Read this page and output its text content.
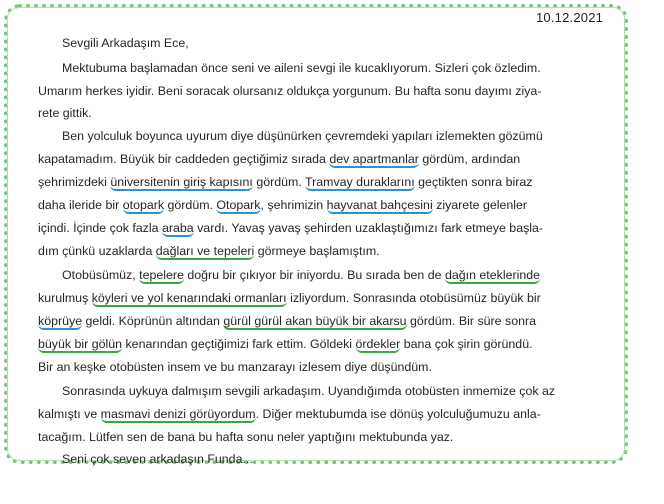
10.12.2021
Sevgili Arkadaşım Ece,
Mektubuma başlamadan önce seni ve aileni sevgi ile kucaklıyorum. Sizleri çok özledim.
Umarım herkes iyidir. Beni soracak olursanız oldukça yorgunum. Bu hafta sonu dayımı ziya-
rete gittik.
Ben yolculuk boyunca uyurum diye düşünürken çevremdeki yapıları izlemekten gözümü
kapatamadım. Büyük bir caddeden geçtiğimiz sırada dev apartmanlar gördüm, ardından
şehrimizdeki üniversitenin giriş kapısını gördüm. Tramvay duraklarını geçtikten sonra biraz
daha ileride bir otopark gördüm. Otopark, şehrimizin hayvanat bahçesini ziyarete gelenler
içindi. İçinde çok fazla araba vardı. Yavaş yavaş şehirden uzaklaştığımızı fark etmeye başla-
dım çünkü uzaklarda dağları ve tepeleri görmeye başlamıştım.
Otobüsümüz, tepelere doğru bir çıkıyor bir iniyordu. Bu sırada ben de dağın eteklerinde
kurulmuş köyleri ve yol kenarındaki ormanları izliyordum. Sonrasında otobüsümüz büyük bir
köprüye geldi. Köprünün altından gürül gürül akan büyük bir akarsu gördüm. Bir süre sonra
büyük bir gölün kenarından geçtiğimizi fark ettim. Göldeki ördekler bana çok şirin göründü.
Bir an keşke otobüsten insem ve bu manzarayı izlesem diye düşündüm.
Sonrasında uykuya dalmışım sevgili arkadaşım. Uyandığımda otobüsten inmemize çok az
kalmıştı ve masmavi denizi görüyordum. Diğer mektubumda ise dönüş yolculuğumuzu anla-
tacağım. Lütfen sen de bana bu hafta sonu neler yaptığını mektubunda yaz.
Seni çok seven arkadaşın Funda...
